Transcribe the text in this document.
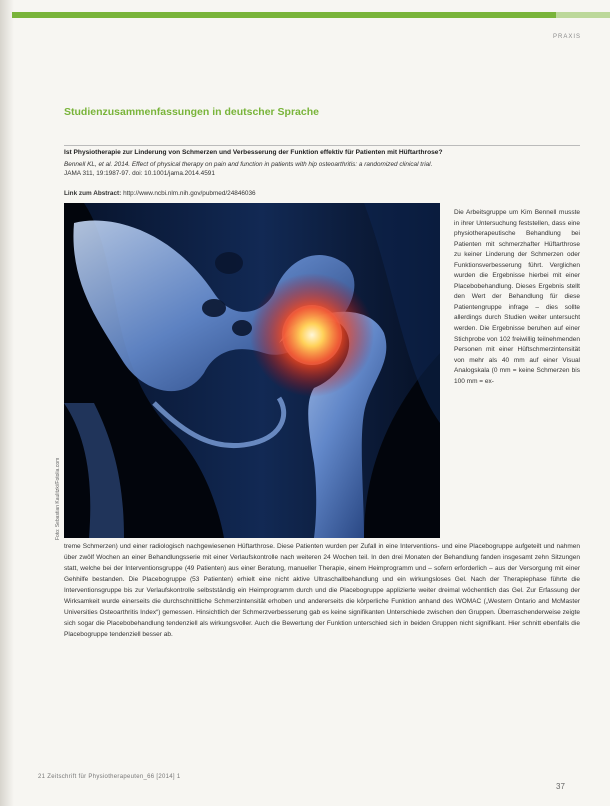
PRAXIS
Studienzusammenfassungen in deutscher Sprache
Ist Physiotherapie zur Linderung von Schmerzen und Verbesserung der Funktion effektiv für Patienten mit Hüftarthrose?
Bennell KL, et al. 2014. Effect of physical therapy on pain and function in patients with hip osteoarthritis: a randomized clinical trial.
JAMA 311, 19:1987-97. doi: 10.1001/jama.2014.4591
Link zum Abstract: http://www.ncbi.nlm.nih.gov/pubmed/24846036
Foto: Sebastian Kaulitzki/Fotolia.com
Die Arbeitsgruppe um Kim Bennell musste in ihrer Untersuchung feststellen, dass eine physiotherapeutische Behandlung bei Patienten mit schmerzhafter Hüftarthrose zu keiner Linderung der Schmerzen oder Funktionsverbesserung führt. Verglichen wurden die Ergebnisse hierbei mit einer Placebobehandlung. Dieses Ergebnis stellt den Wert der Behandlung für diese Patientengruppe infrage – dies sollte allerdings durch Studien weiter untersucht werden. Die Ergebnisse beruhen auf einer Stichprobe von 102 freiwillig teilnehmenden Personen mit einer Hüftschmerzintensität von mehr als 40 mm auf einer Visual Analogskala (0 mm = keine Schmerzen bis 100 mm = ex-
treme Schmerzen) und einer radiologisch nachgewiesenen Hüftarthrose. Diese Patienten wurden per Zufall in eine Interventions- und eine Placebogruppe aufgeteilt und nahmen über zwölf Wochen an einer Behandlungsserie mit einer Verlaufskontrolle nach weiteren 24 Wochen teil. In den drei Monaten der Behandlung fanden insgesamt zehn Sitzungen statt, welche bei der Interventionsgruppe (49 Patienten) aus einer Beratung, manueller Therapie, einem Heimprogramm und – sofern erforderlich – aus der Versorgung mit einer Gehhilfe bestanden. Die Placebogruppe (53 Patienten) erhielt eine nicht aktive Ultraschallbehandlung und ein wirkungsloses Gel. Nach der Therapiephase führte die Interventionsgruppe bis zur Verlaufskontrolle selbstständig ein Heimprogramm durch und die Placebogruppe applizierte weiter dreimal wöchentlich das Gel. Zur Erfassung der Wirksamkeit wurde einerseits die durchschnittliche Schmerzintensität erhoben und andererseits die körperliche Funktion anhand des WOMAC („Western Ontario and McMaster Universities Osteoarthritis Index“) gemessen. Hinsichtlich der Schmerzverbesserung gab es keine signifikanten Unterschiede zwischen den Gruppen. Überraschenderweise zeigte sich sogar die Placebobehandlung tendenziell als wirkungsvoller. Auch die Bewertung der Funktion unterschied sich in beiden Gruppen nicht signifikant. Hier schnitt ebenfalls die Placebogruppe tendenziell besser ab.
21 Zeitschrift für Physiotherapeuten_66 [2014] 1
37
